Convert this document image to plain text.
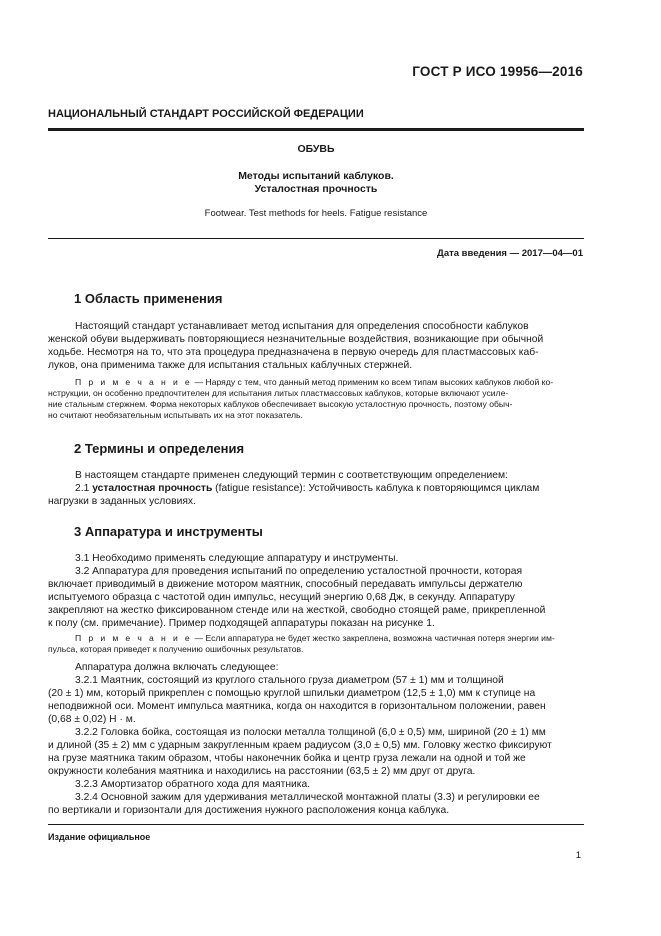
ГОСТ Р ИСО 19956—2016
НАЦИОНАЛЬНЫЙ СТАНДАРТ РОССИЙСКОЙ ФЕДЕРАЦИИ
ОБУВЬ
Методы испытаний каблуков.
Усталостная прочность
Footwear. Test methods for heels. Fatigue resistance
Дата введения — 2017—04—01
1 Область применения
Настоящий стандарт устанавливает метод испытания для определения способности каблуков
женской обуви выдерживать повторяющиеся незначительные воздействия, возникающие при обычной
ходьбе. Несмотря на то, что эта процедура предназначена в первую очередь для пластмассовых каб-
луков, она применима также для испытания стальных каблучных стержней.
П р и м е ч а н и е — Наряду с тем, что данный метод применим ко всем типам высоких каблуков любой ко-
нструкции, он особенно предпочтителен для испытания литых пластмассовых каблуков, которые включают усиле-
ние стальным стержнем. Форма некоторых каблуков обеспечивает высокую усталостную прочность, поэтому обыч-
но считают необязательным испытывать их на этот показатель.
2 Термины и определения
В настоящем стандарте применен следующий термин с соответствующим определением:
2.1 усталостная прочность (fatigue resistance): Устойчивость каблука к повторяющимся циклам
нагрузки в заданных условиях.
3 Аппаратура и инструменты
3.1 Необходимо применять следующие аппаратуру и инструменты.
3.2 Аппаратура для проведения испытаний по определению усталостной прочности, которая
включает приводимый в движение мотором маятник, способный передавать импульсы держателю
испытуемого образца с частотой один импульс, несущий энергию 0,68 Дж, в секунду. Аппаратуру
закрепляют на жестко фиксированном стенде или на жесткой, свободно стоящей раме, прикрепленной
к полу (см. примечание). Пример подходящей аппаратуры показан на рисунке 1.
П р и м е ч а н и е — Если аппаратура не будет жестко закреплена, возможна частичная потеря энергии им-
пульса, которая приведет к получению ошибочных результатов.
Аппаратура должна включать следующее:
3.2.1 Маятник, состоящий из круглого стального груза диаметром (57 ± 1) мм и толщиной
(20 ± 1) мм, который прикреплен с помощью круглой шпильки диаметром (12,5 ± 1,0) мм к ступице на
неподвижной оси. Момент импульса маятника, когда он находится в горизонтальном положении, равен
(0,68 ± 0,02) Н · м.
3.2.2 Головка бойка, состоящая из полоски металла толщиной (6,0 ± 0,5) мм, шириной (20 ± 1) мм
и длиной (35 ± 2) мм с ударным закругленным краем радиусом (3,0 ± 0,5) мм. Головку жестко фиксируют
на грузе маятника таким образом, чтобы наконечник бойка и центр груза лежали на одной и той же
окружности колебания маятника и находились на расстоянии (63,5 ± 2) мм друг от друга.
3.2.3 Амортизатор обратного хода для маятника.
3.2.4 Основной зажим для удерживания металлической монтажной платы (3.3) и регулировки ее
по вертикали и горизонтали для достижения нужного расположения конца каблука.
Издание официальное
1
